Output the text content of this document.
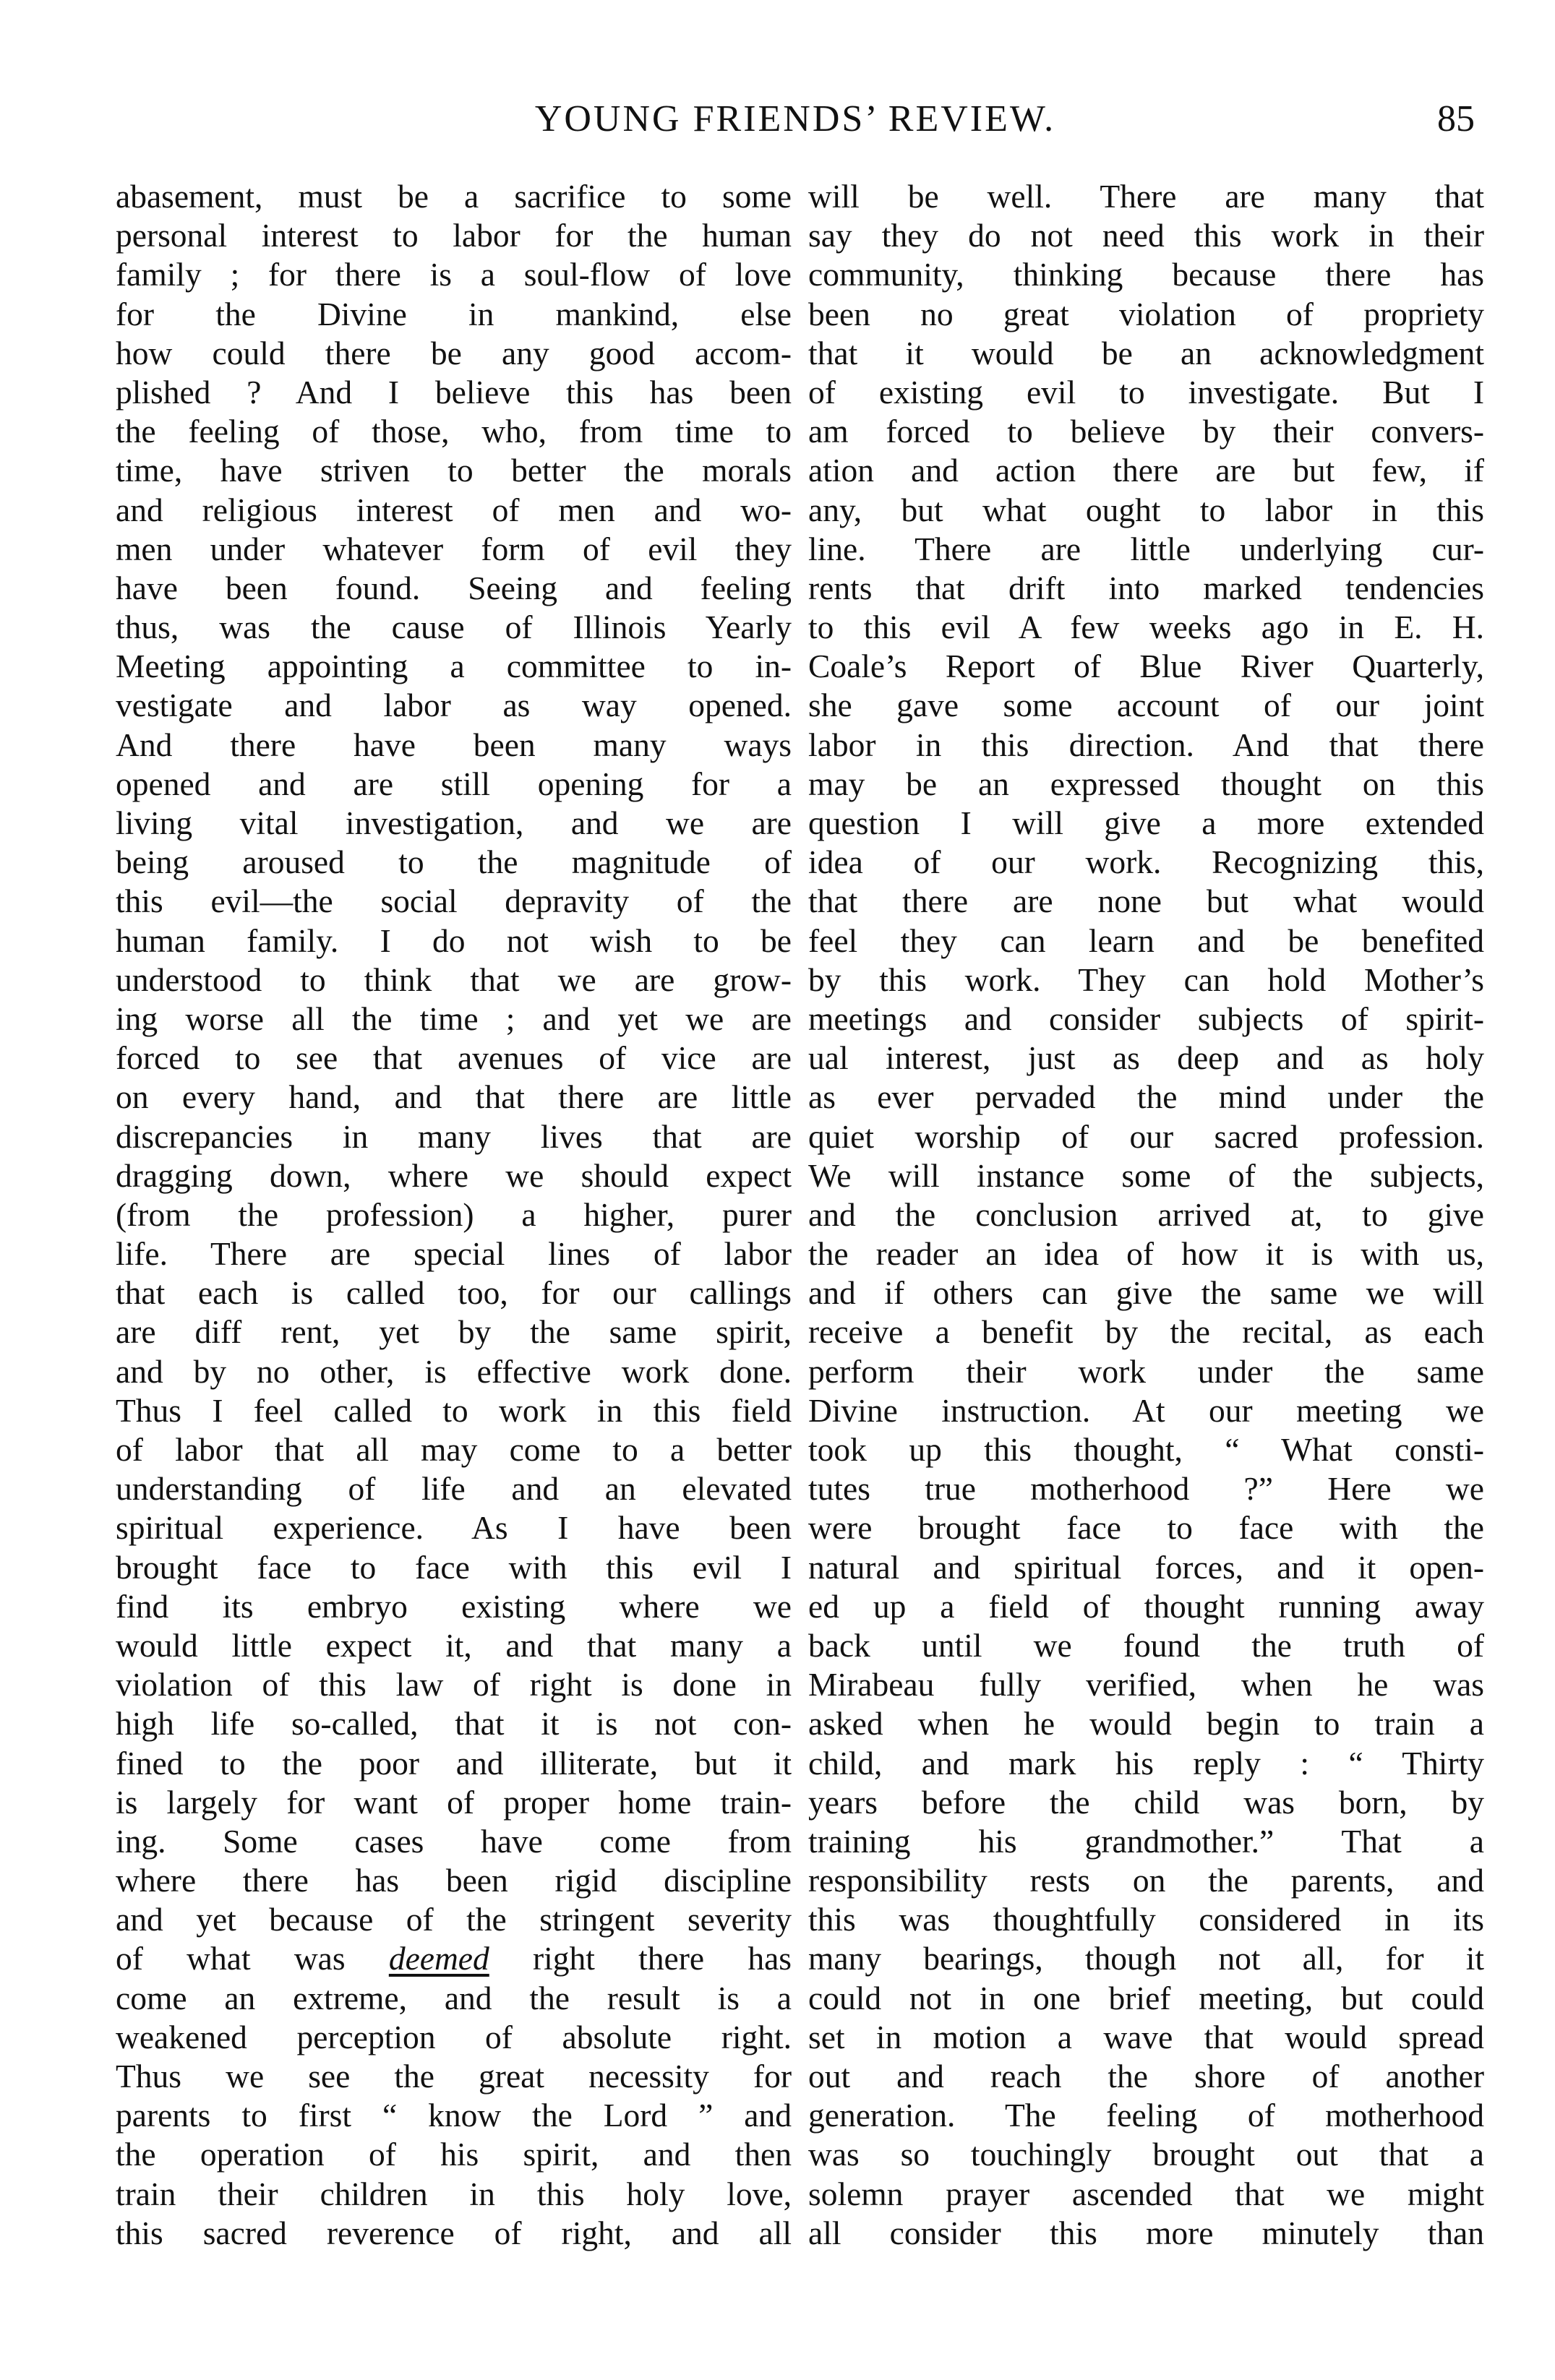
YOUNG FRIENDS’ REVIEW.	85
abasement, must be a sacrifice to some
personal interest to labor for the human
family ; for there is a soul-flow of love
for the Divine in mankind, else
how could there be any good accom-
plished ? And I believe this has been
the feeling of those, who, from time to
time, have striven to better the morals
and religious interest of men and wo-
men under whatever form of evil they
have been found. Seeing and feeling
thus, was the cause of Illinois Yearly
Meeting appointing a committee to in-
vestigate and labor as way opened.
And there have been many ways
opened and are still opening for a
living vital investigation, and we are
being aroused to the magnitude of
this evil—the social depravity of the
human family. I do not wish to be
understood to think that we are grow-
ing worse all the time ; and yet we are
forced to see that avenues of vice are
on every hand, and that there are little
discrepancies in many lives that are
dragging down, where we should expect
(from the profession) a higher, purer
life. There are special lines of labor
that each is called too, for our callings
are diff rent, yet by the same spirit,
and by no other, is effective work done.
Thus I feel called to work in this field
of labor that all may come to a better
understanding of life and an elevated
spiritual experience. As I have been
brought face to face with this evil I
find its embryo existing where we
would little expect it, and that many a
violation of this law of right is done in
high life so-called, that it is not con-
fined to the poor and illiterate, but it
is largely for want of proper home train-
ing. Some cases have come from
where there has been rigid discipline
and yet because of the stringent severity
of what was deemed right there has
come an extreme, and the result is a
weakened perception of absolute right.
Thus we see the great necessity for
parents to first “ know the Lord ” and
the operation of his spirit, and then
train their children in this holy love,
this sacred reverence of right, and all
will be well. There are many that
say they do not need this work in their
community, thinking because there has
been no great violation of propriety
that it would be an acknowledgment
of existing evil to investigate. But I
am forced to believe by their convers-
ation and action there are but few, if
any, but what ought to labor in this
line. There are little underlying cur-
rents that drift into marked tendencies
to this evil A few weeks ago in E. H.
Coale’s Report of Blue River Quarterly,
she gave some account of our joint
labor in this direction. And that there
may be an expressed thought on this
question I will give a more extended
idea of our work. Recognizing this,
that there are none but what would
feel they can learn and be benefited
by this work. They can hold Mother’s
meetings and consider subjects of spirit-
ual interest, just as deep and as holy
as ever pervaded the mind under the
quiet worship of our sacred profession.
We will instance some of the subjects,
and the conclusion arrived at, to give
the reader an idea of how it is with us,
and if others can give the same we will
receive a benefit by the recital, as each
perform their work under the same
Divine instruction. At our meeting we
took up this thought, “ What consti-
tutes true motherhood ?” Here we
were brought face to face with the
natural and spiritual forces, and it open-
ed up a field of thought running away
back until we found the truth of
Mirabeau fully verified, when he was
asked when he would begin to train a
child, and mark his reply : “ Thirty
years before the child was born, by
training his grandmother.” That a
responsibility rests on the parents, and
this was thoughtfully considered in its
many bearings, though not all, for it
could not in one brief meeting, but could
set in motion a wave that would spread
out and reach the shore of another
generation. The feeling of motherhood
was so touchingly brought out that a
solemn prayer ascended that we might
all consider this more minutely than
